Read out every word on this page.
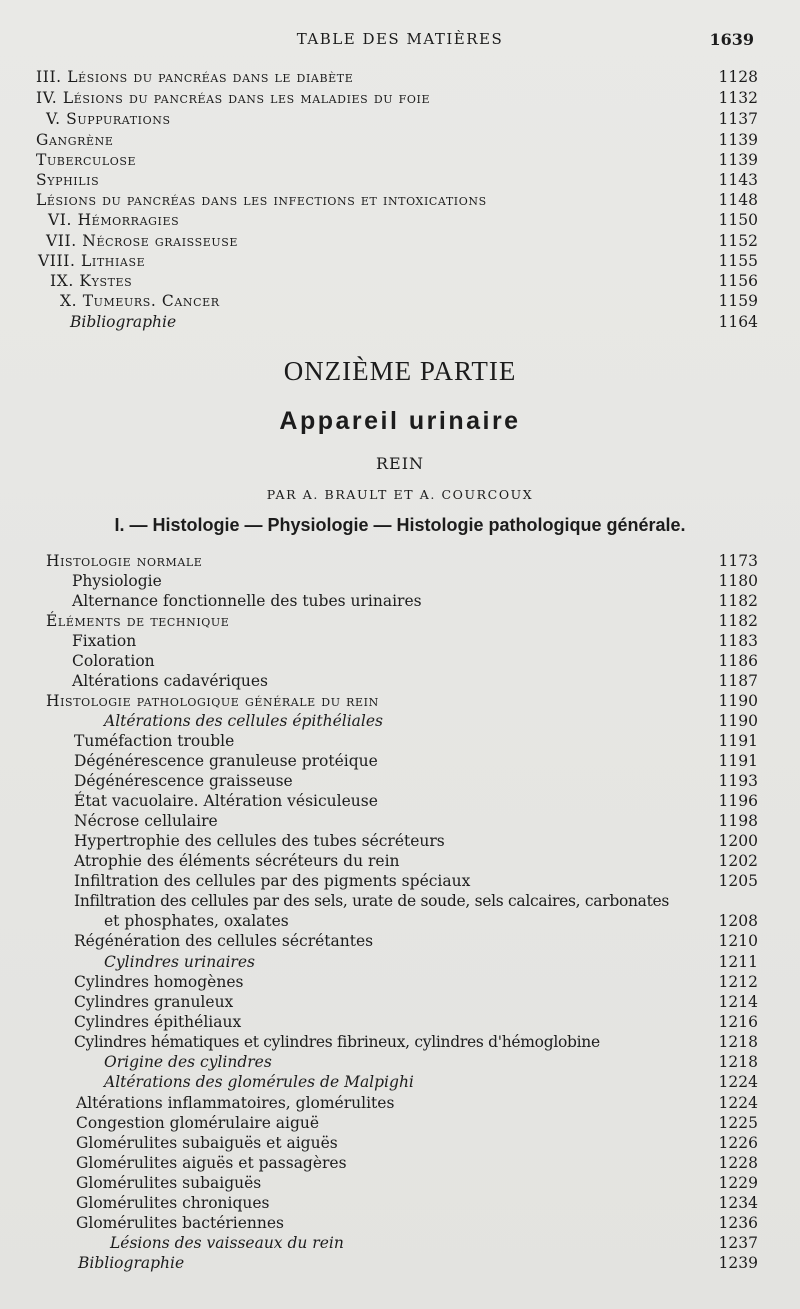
TABLE DES MATIÈRES	1639
III. Lésions du pancréas dans le diabète	1128
IV. Lésions du pancréas dans les maladies du foie	1132
V. Suppurations	1137
Gangrène	1139
Tuberculose	1139
Syphilis	1143
Lésions du pancréas dans les infections et intoxications	1148
VI. Hémorragies	1150
VII. Nécrose graisseuse	1152
VIII. Lithiase	1155
IX. Kystes	1156
X. Tumeurs. Cancer	1159
Bibliographie	1164
ONZIÈME PARTIE
Appareil urinaire
REIN
PAR A. BRAULT ET A. COURCOUX
I. — Histologie — Physiologie — Histologie pathologique générale.
Histologie normale	1173
Physiologie	1180
Alternance fonctionnelle des tubes urinaires	1182
Éléments de technique	1182
Fixation	1183
Coloration	1186
Altérations cadavériques	1187
Histologie pathologique générale du rein	1190
Altérations des cellules épithéliales	1190
Tuméfaction trouble	1191
Dégénérescence granuleuse protéique	1191
Dégénérescence graisseuse	1193
État vacuolaire. Altération vésiculeuse	1196
Nécrose cellulaire	1198
Hypertrophie des cellules des tubes sécréteurs	1200
Atrophie des éléments sécréteurs du rein	1202
Infiltration des cellules par des pigments spéciaux	1205
Infiltration des cellules par des sels, urate de soude, sels calcaires, carbonates
et phosphates, oxalates	1208
Régénération des cellules sécrétantes	1210
Cylindres urinaires	1211
Cylindres homogènes	1212
Cylindres granuleux	1214
Cylindres épithéliaux	1216
Cylindres hématiques et cylindres fibrineux, cylindres d'hémoglobine	1218
Origine des cylindres	1218
Altérations des glomérules de Malpighi	1224
Altérations inflammatoires, glomérulites	1224
Congestion glomérulaire aiguë	1225
Glomérulites subaiguës et aiguës	1226
Glomérulites aiguës et passagères	1228
Glomérulites subaiguës	1229
Glomérulites chroniques	1234
Glomérulites bactériennes	1236
Lésions des vaisseaux du rein	1237
Bibliographie	1239
